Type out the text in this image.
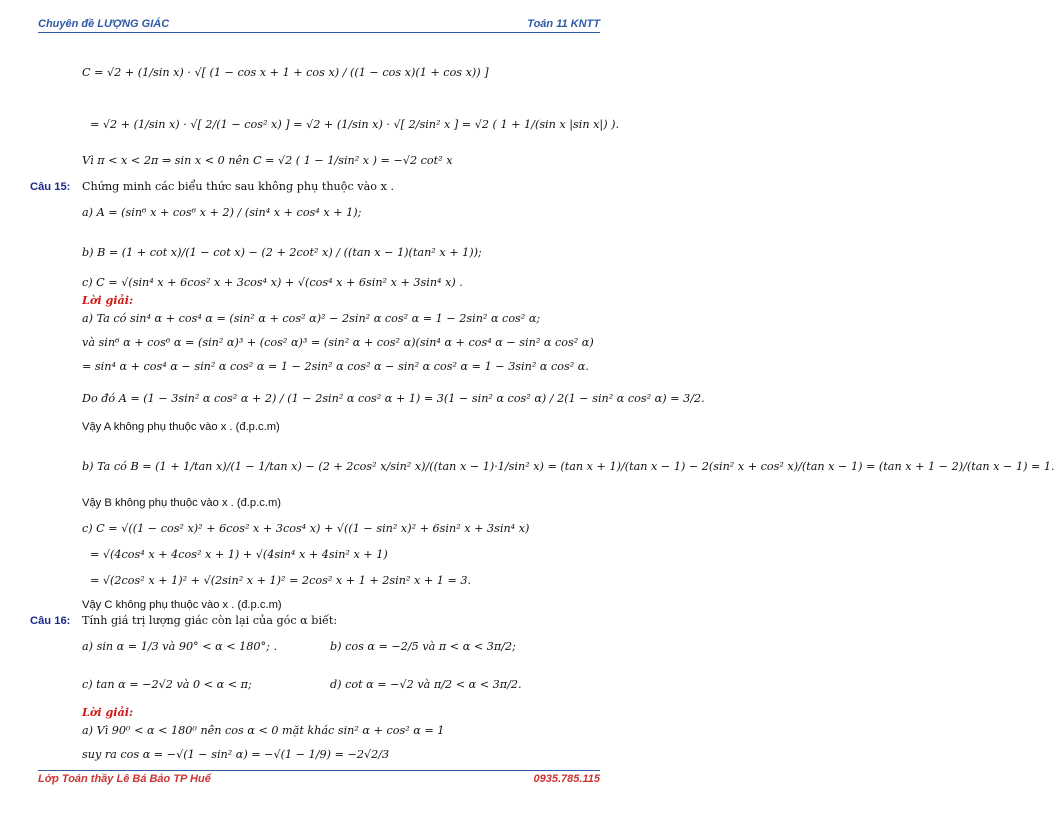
Chuyên đề LƯỢNG GIÁC	Toán 11 KNTT
C = √2 + (1/sin x) · √[ (1 − cos x + 1 + cos x) / ((1 − cos x)(1 + cos x)) ]
= √2 + (1/sin x) · √[ 2/(1 − cos² x) ] = √2 + (1/sin x) · √[ 2/sin² x ] = √2 ( 1 + 1/(sin x |sin x|) ).
Vì π < x < 2π ⇒ sin x < 0 nên C = √2 ( 1 − 1/sin² x ) = −√2 cot² x
Câu 15: Chứng minh các biểu thức sau không phụ thuộc vào x .
a) A = (sin⁶ x + cos⁶ x + 2) / (sin⁴ x + cos⁴ x + 1);
b) B = (1 + cot x)/(1 − cot x) − (2 + 2cot² x) / ((tan x − 1)(tan² x + 1));
c) C = √(sin⁴ x + 6cos² x + 3cos⁴ x) + √(cos⁴ x + 6sin² x + 3sin⁴ x) .
Lời giải:
a) Ta có sin⁴ α + cos⁴ α = (sin² α + cos² α)² − 2sin² α cos² α = 1 − 2sin² α cos² α;
và sin⁶ α + cos⁶ α = (sin² α)³ + (cos² α)³ = (sin² α + cos² α)(sin⁴ α + cos⁴ α − sin² α cos² α)
= sin⁴ α + cos⁴ α − sin² α cos² α = 1 − 2sin² α cos² α − sin² α cos² α = 1 − 3sin² α cos² α.
Do đó A = (1 − 3sin² α cos² α + 2) / (1 − 2sin² α cos² α + 1) = 3(1 − sin² α cos² α) / 2(1 − sin² α cos² α) = 3/2.
Vậy A không phụ thuộc vào x . (đ.p.c.m)
b) Ta có B = (1 + 1/tan x)/(1 − 1/tan x) − (2 + 2cos² x/sin² x)/((tan x − 1)·1/sin² x) = (tan x + 1)/(tan x − 1) − 2(sin² x + cos² x)/(tan x − 1) = (tan x + 1 − 2)/(tan x − 1) = 1.
Vậy B không phụ thuộc vào x . (đ.p.c.m)
c) C = √((1 − cos² x)² + 6cos² x + 3cos⁴ x) + √((1 − sin² x)² + 6sin² x + 3sin⁴ x)
= √(4cos⁴ x + 4cos² x + 1) + √(4sin⁴ x + 4sin² x + 1)
= √(2cos² x + 1)² + √(2sin² x + 1)² = 2cos² x + 1 + 2sin² x + 1 = 3.
Vậy C không phụ thuộc vào x . (đ.p.c.m)
Câu 16: Tính giá trị lượng giác còn lại của góc α biết:
a) sin α = 1/3 và 90° < α < 180°; .	b) cos α = −2/5 và π < α < 3π/2;
c) tan α = −2√2 và 0 < α < π;	d) cot α = −√2 và π/2 < α < 3π/2.
Lời giải:
a) Vì 90⁰ < α < 180⁰ nên cos α < 0 mặt khác sin² α + cos² α = 1
suy ra cos α = −√(1 − sin² α) = −√(1 − 1/9) = −2√2/3
Lớp Toán thầy Lê Bá Bảo TP Huế	0935.785.115
